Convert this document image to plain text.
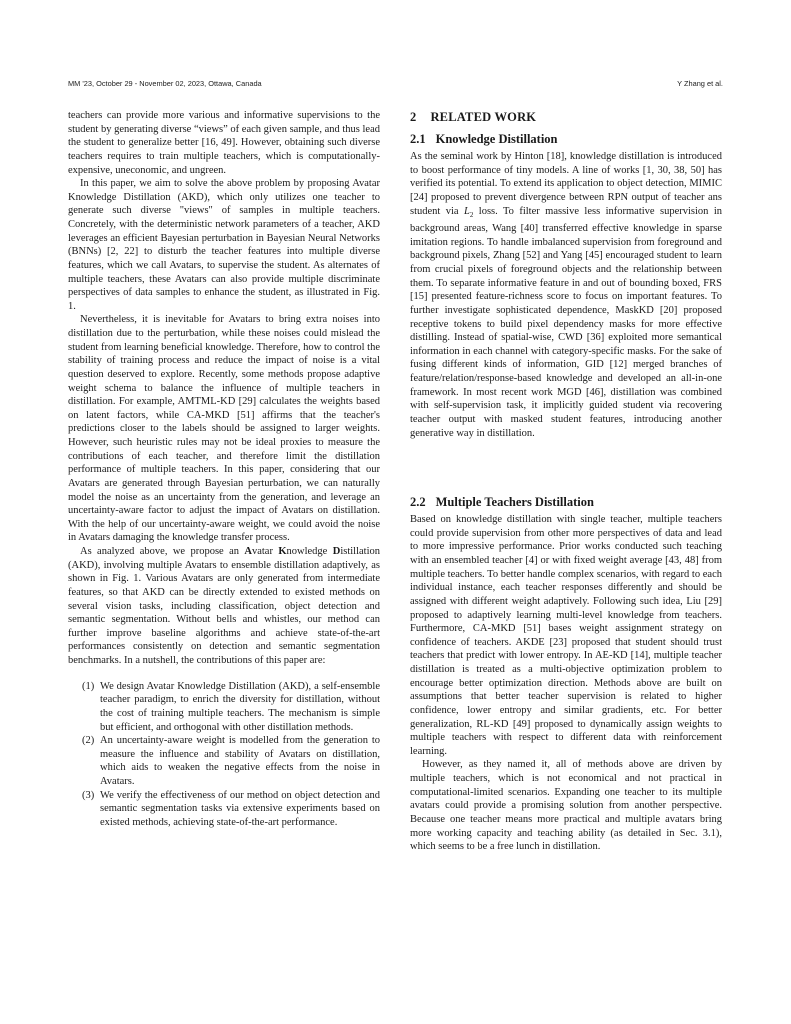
MM '23, October 29 - November 02, 2023, Ottawa, Canada	Y Zhang et al.

teachers can provide more various and informative supervisions to the student by generating diverse “views” of each given sample, and thus lead the student to generalize better [16, 49]. However, obtaining such diverse teachers requires to train multiple teachers, which is computationally-expensive, uneconomic, and ungreen.

In this paper, we aim to solve the above problem by proposing Avatar Knowledge Distillation (AKD), which only utilizes one teacher to generate such diverse "views" of samples in multiple teachers. Concretely, with the deterministic network parameters of a teacher, AKD leverages an efficient Bayesian perturbation in Bayesian Neural Networks (BNNs) [2, 22] to disturb the teacher features into multiple diverse features, which we call Avatars, to supervise the student. As alternates of multiple teachers, these Avatars can also provide multiple discriminate perspectives of data samples to enhance the student, as illustrated in Fig. 1.

Nevertheless, it is inevitable for Avatars to bring extra noises into distillation due to the perturbation, while these noises could mislead the student from learning beneficial knowledge. Therefore, how to control the stability of training process and reduce the impact of noise is a vital question deserved to explore. Recently, some methods propose adaptive weight schema to balance the influence of multiple teachers in distillation. For example, AMTML-KD [29] calculates the weights based on latent factors, while CA-MKD [51] affirms that the teacher's predictions closer to the labels should be assigned to larger weights. However, such heuristic rules may not be ideal proxies to measure the contributions of each teacher, and therefore limit the distillation performance of multiple teachers. In this paper, considering that our Avatars are generated through Bayesian perturbation, we can naturally model the noise as an uncertainty from the generation, and leverage an uncertainty-aware factor to adjust the impact of Avatars on distillation. With the help of our uncertainty-aware weight, we could avoid the noise in Avatars damaging the knowledge transfer process.

As analyzed above, we propose an Avatar Knowledge Distillation (AKD), involving multiple Avatars to ensemble distillation adaptively, as shown in Fig. 1. Various Avatars are only generated from intermediate features, so that AKD can be directly extended to existed methods on several vision tasks, including classification, object detection and semantic segmentation. Without bells and whistles, our method can further improve baseline algorithms and achieve state-of-the-art performances consistently on detection and semantic segmentation benchmarks. In a nutshell, the contributions of this paper are:

(1) We design Avatar Knowledge Distillation (AKD), a self-ensemble teacher paradigm, to enrich the diversity for distillation, without the cost of training multiple teachers. The mechanism is simple but efficient, and orthogonal with other distillation methods.
(2) An uncertainty-aware weight is modelled from the generation to measure the influence and stability of Avatars on distillation, which aids to weaken the negative effects from the noise in Avatars.
(3) We verify the effectiveness of our method on object detection and semantic segmentation tasks via extensive experiments based on existed methods, achieving state-of-the-art performance.
2 RELATED WORK
2.1 Knowledge Distillation

As the seminal work by Hinton [18], knowledge distillation is introduced to boost performance of tiny models. A line of works [1, 30, 38, 50] has verified its potential. To extend its application to object detection, MIMIC [24] proposed to prevent divergence between RPN output of teacher ans student via $L_2$ loss. To filter massive less informative supervision in background areas, Wang [40] transferred effective knowledge in sparse imitation regions. To handle imbalanced supervision from foreground and background pixels, Zhang [52] and Yang [45] encouraged student to learn from crucial pixels of foreground objects and the relationship between them. To separate informative feature in and out of bounding boxed, FRS [15] presented feature-richness score to focus on important features. To further investigate sophisticated dependence, MaskKD [20] proposed receptive tokens to build pixel dependency masks for more effective distilling. Instead of spatial-wise, CWD [36] exploited more semantical information in each channel with category-specific masks. For the sake of fusing different kinds of information, GID [12] merged branches of feature/relation/response-based knowledge and developed an all-in-one framework. In most recent work MGD [46], distillation was combined with self-supervision task, it implicitly guided student via recovering teacher output with masked student features, introducing another generative way in distillation.

2.2 Multiple Teachers Distillation

Based on knowledge distillation with single teacher, multiple teachers could provide supervision from other more perspectives of data and lead to more impressive performance. Prior works conducted such teaching with an ensembled teacher [4] or with fixed weight average [43, 48] from multiple teachers. To better handle complex scenarios, with regard to each individual instance, each teacher responses differently and should be assigned with different weight adaptively. Following such idea, Liu [29] proposed to adaptively learning multi-level knowledge from teachers. Furthermore, CA-MKD [51] bases weight assignment strategy on confidence of teachers. AKDE [23] proposed that student should trust teachers that predict with lower entropy. In AE-KD [14], multiple teacher distillation is treated as a multi-objective optimization problem to encourage better optimization direction. Methods above are built on assumptions that better teacher supervision is related to higher confidence, lower entropy and similar gradients, etc. For better generalization, RL-KD [49] proposed to dynamically assign weights to multiple teachers with respect to different data with reinforcement learning.

However, as they named it, all of methods above are driven by multiple teachers, which is not economical and not practical in computational-limited scenarios. Expanding one teacher to its multiple avatars could provide a promising solution from another perspective. Because one teacher means more practical and multiple avatars bring more working capacity and teaching ability (as detailed in Sec. 3.1), which seems to be a free lunch in distillation.
